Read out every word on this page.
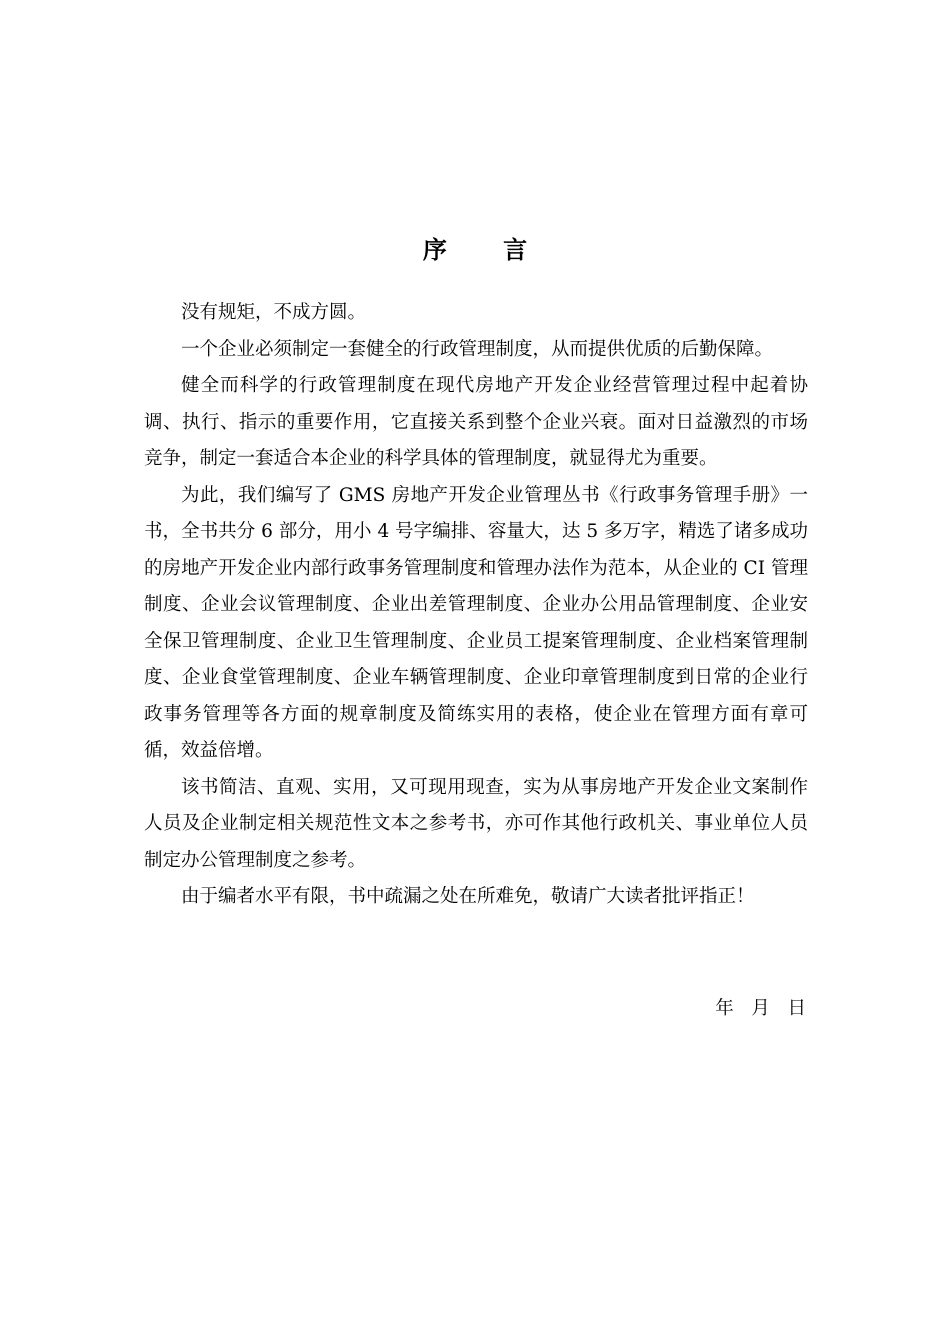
序 言

没有规矩，不成方圆。

一个企业必须制定一套健全的行政管理制度，从而提供优质的后勤保障。

健全而科学的行政管理制度在现代房地产开发企业经营管理过程中起着协调、执行、指示的重要作用，它直接关系到整个企业兴衰。面对日益激烈的市场竞争，制定一套适合本企业的科学具体的管理制度，就显得尤为重要。

为此，我们编写了 GMS 房地产开发企业管理丛书《行政事务管理手册》一书，全书共分 6 部分，用小 4 号字编排、容量大，达 5 多万字，精选了诸多成功的房地产开发企业内部行政事务管理制度和管理办法作为范本，从企业的 CI 管理制度、企业会议管理制度、企业出差管理制度、企业办公用品管理制度、企业安全保卫管理制度、企业卫生管理制度、企业员工提案管理制度、企业档案管理制度、企业食堂管理制度、企业车辆管理制度、企业印章管理制度到日常的企业行政事务管理等各方面的规章制度及简练实用的表格，使企业在管理方面有章可循，效益倍增。

该书简洁、直观、实用，又可现用现查，实为从事房地产开发企业文案制作人员及企业制定相关规范性文本之参考书，亦可作其他行政机关、事业单位人员制定办公管理制度之参考。

由于编者水平有限，书中疏漏之处在所难免，敬请广大读者批评指正！

年   月   日
